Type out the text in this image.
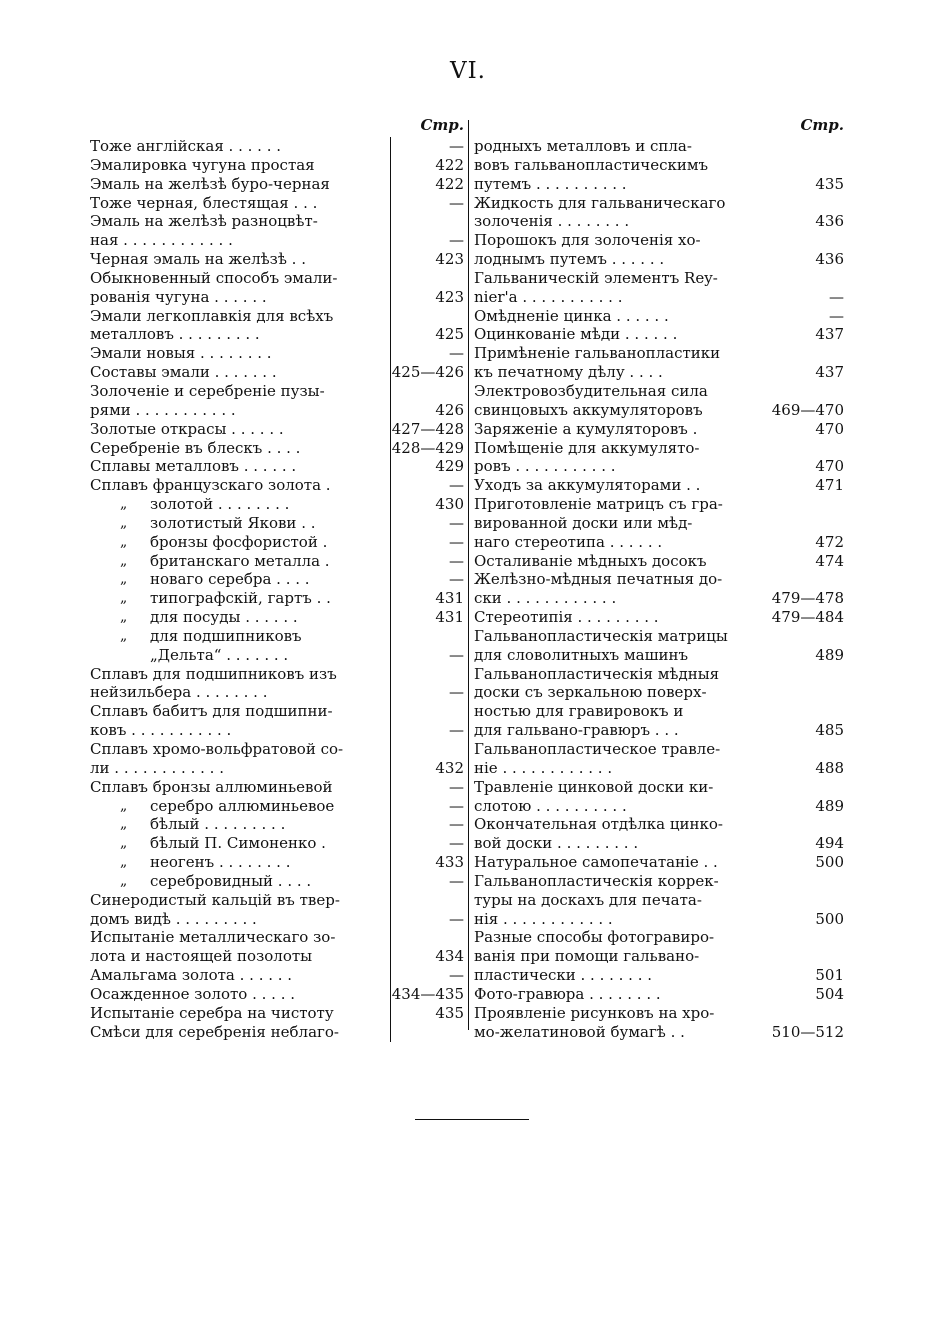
VI.
Стр.
Тоже англійская . . . . . .	—
Эмалировка чугуна простая	422
Эмаль на желѣзѣ буро-черная	422
Тоже черная, блестящая . . .	—
Эмаль на желѣзѣ разноцвѣт-
ная . . . . . . . . . . . .	—
Черная эмаль на желѣзѣ . .	423
Обыкновенный способъ эмали-
рованія чугуна . . . . . .	423
Эмали легкоплавкія для всѣхъ
металловъ . . . . . . . . .	425
Эмали новыя . . . . . . . .	—
Составы эмали . . . . . . .	425—426
Золоченіе и серебреніе пузы-
рями . . . . . . . . . . .	426
Золотые открасы . . . . . .	427—428
Серебреніе въ блескъ . . . .	428—429
Сплавы металловъ . . . . . .	429
Сплавъ французскаго золота .	—
„ золотой . . . . . . . .	430
„ золотистый Якови . .	—
„ бронзы фосфористой .	—
„ британскаго металла .	—
„ новаго серебра . . . .	—
„ типографскій, гартъ . .	431
„ для посуды . . . . . .	431
„ для подшипниковъ
„Дельта“ . . . . . . .	—
Сплавъ для подшипниковъ изъ
нейзильбера . . . . . . . .	—
Сплавъ бабитъ для подшипни-
ковъ . . . . . . . . . . .	—
Сплавъ хромо-вольфратовой со-
ли . . . . . . . . . . . .	432
Сплавъ бронзы аллюминьевой	—
„ серебро аллюминьевое	—
„ бѣлый . . . . . . . . .	—
„ бѣлый П. Симоненко .	—
„ неогенъ . . . . . . . .	433
„ серебровидный . . . .	—
Синеродистый кальцій въ твер-
домъ видѣ . . . . . . . . .	—
Испытаніе металлическаго зо-
лота и настоящей позолоты	434
Амальгама золота . . . . . .	—
Осажденное золото . . . . .	434—435
Испытаніе серебра на чистоту	435
Смѣси для серебренія неблаго-
Стр.
родныхъ металловъ и спла-
вовъ гальванопластическимъ
путемъ . . . . . . . . . .	435
Жидкость для гальваническаго
золоченія . . . . . . . .	436
Порошокъ для золоченія хо-
лоднымъ путемъ . . . . . .	436
Гальваническій элементъ Rey-
nier'а . . . . . . . . . . .	—
Омѣдненіе цинка . . . . . .	—
Оцинкованіе мѣди . . . . . .	437
Примѣненіе гальванопластики
къ печатному дѣлу . . . .	437
Электровозбудительная сила
свинцовыхъ аккумуляторовъ	469—470
Заряженіе а кумуляторовъ .	470
Помѣщеніе для аккумулято-
ровъ . . . . . . . . . . .	470
Уходъ за аккумуляторами . .	471
Приготовленіе матрицъ съ гра-
вированной доски или мѣд-
наго стереотипа . . . . . .	472
Осталиваніе мѣдныхъ досокъ	474
Желѣзно-мѣдныя печатныя до-
ски . . . . . . . . . . . .	479—478
Стереотипія . . . . . . . . .	479—484
Гальванопластическія матрицы
для словолитныхъ машинъ	489
Гальванопластическія мѣдныя
доски съ зеркальною поверх-
ностью для гравировокъ и
для гальвано-гравюръ . . .	485
Гальванопластическое травле-
ніе . . . . . . . . . . . .	488
Травленіе цинковой доски ки-
слотою . . . . . . . . . .	489
Окончательная отдѣлка цинко-
вой доски . . . . . . . . .	494
Натуральное самопечатаніе . .	500
Гальванопластическія коррек-
туры на доскахъ для печата-
нія . . . . . . . . . . . .	500
Разные способы фотогравиро-
ванія при помощи гальвано-
пластически . . . . . . . .	501
Фото-гравюра . . . . . . . .	504
Проявленіе рисунковъ на хро-
мо-желатиновой бумагѣ . .	510—512
